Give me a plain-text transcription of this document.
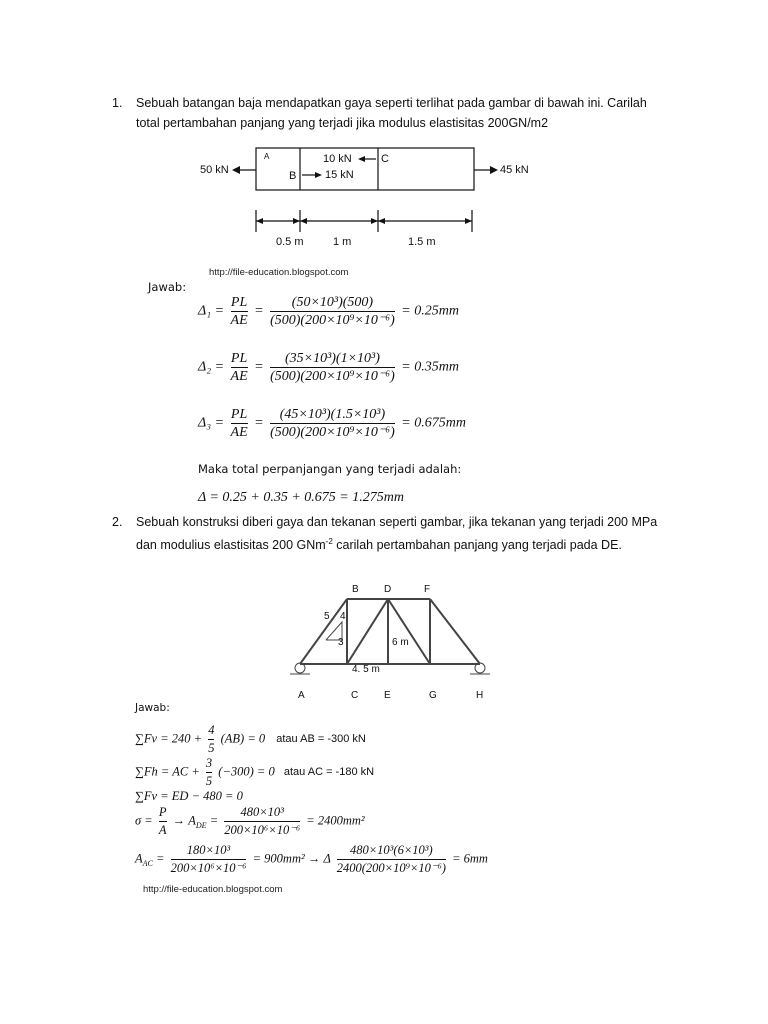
1. Sebuah batangan baja mendapatkan gaya seperti terlihat pada gambar di bawah ini. Carilah
total pertambahan panjang yang terjadi jika modulus elastisitas 200GN/m2
50 kN	45 kN
A
B
C
10 kN
15 kN
0.5 m	1 m	1.5 m
http://file-education.blogspot.com
Jawab:
$\Delta_1 = \frac{PL}{AE} = \frac{\text{(50×10³)(500)}}{\text{(500)(200×10⁹×10⁻⁶)}} = 0.25mm$
$\Delta_2 = \frac{PL}{AE} = \frac{\text{(35×10³)(1×10³)}}{\text{(500)(200×10⁹×10⁻⁶)}} = 0.35mm$
$\Delta_3 = \frac{PL}{AE} = \frac{\text{(45×10³)(1.5×10³)}}{\text{(500)(200×10⁹×10⁻⁶)}} = 0.675mm$
Maka total perpanjangan yang terjadi adalah:
Δ = 0.25 + 0.35 + 0.675 = 1.275mm
2. Sebuah konstruksi diberi gaya dan tekanan seperti gambar, jika tekanan yang terjadi 200 MPa
dan modulius elastisitas 200 GNm$^{-2}$ carilah pertambahan panjang yang terjadi pada DE.
B	D	F
5 4
3	6 m
4. 5 m
A	C	E	G	H
Jawab:
$\sum Fv = 240 + \frac{4}{5} (AB) = 0$ atau AB = -300 kN
∑Fh = AC + $\frac{3}{5} (-300) = 0$ atau AC = -180 kN
∑Fv = ED − 480 = 0
$\sigma = \frac{P}{A} \to A_{DE} = \frac{\text{480×10³}}{\text{200×10⁶×10⁻⁶}} = 2400mm^2$
$A_{AC} = \frac{\text{180×10³}}{\text{200×10⁶×10⁻⁶}} = 900mm^2 \to \Delta \frac{\text{480×10³(6×10³)}}{\text{2400(200×10⁹×10⁻⁶)}} = 6mm$
http://file-education.blogspot.com
